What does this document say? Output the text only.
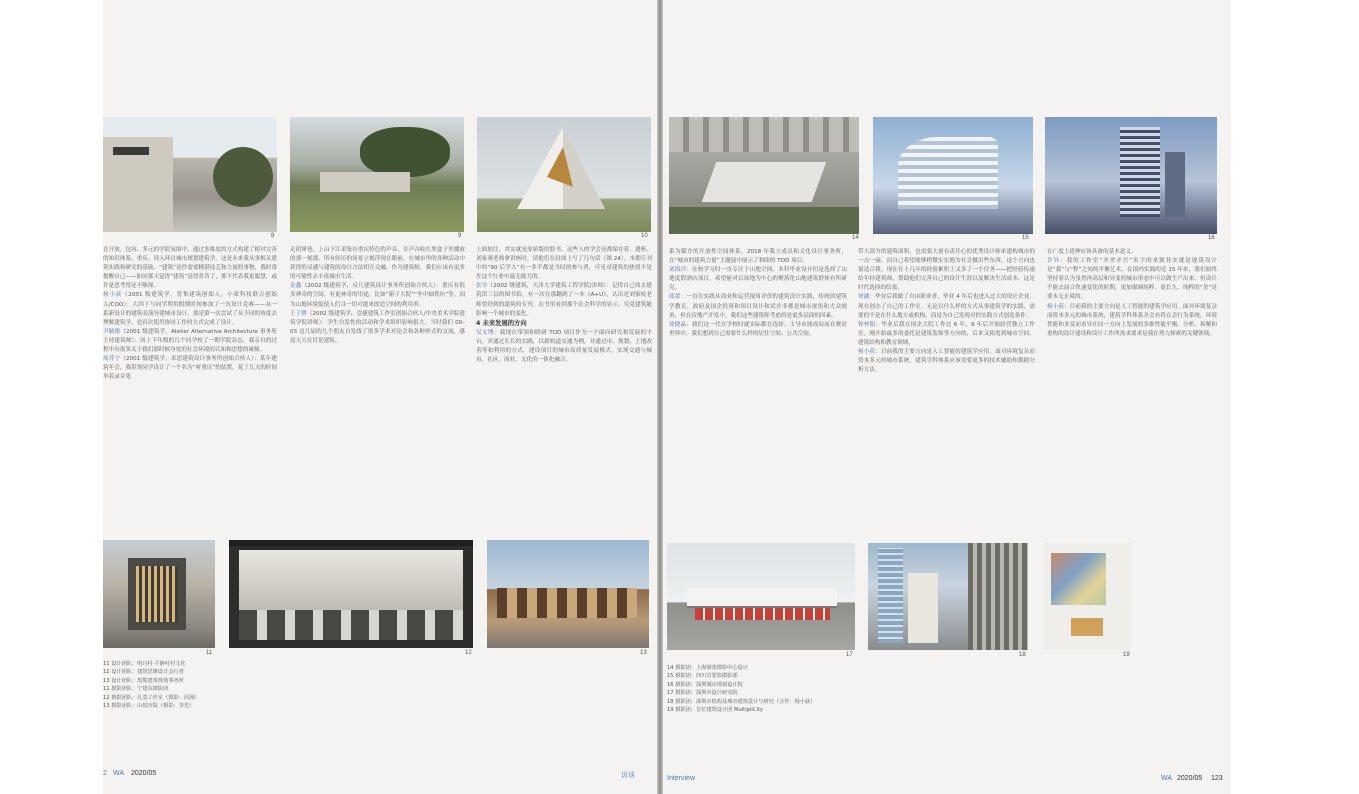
8	9	10
在开放、包容、多元的学院氛围中，通过多维度的方式构建了相对完善的知识体系，重庆、设入环目城市规划建筑学。这是未来我从事相关建筑实践和研究的基础。“建筑”是件需要精湛技艺和力量的事物，我时常提醒自己——如同那天觉得“建筑”觉得普昔了，那不代表我更聪慧，或许是思考得还不够深。
杨小荻（2001 级建筑学，普集建筑创始人，小席科技联合创始人/COO）：大四下与同学利用假期时间参加了一次设计竞赛——从一系新设计的建筑表演导建城市设计。那是第一次尝试了从不同的角度去理解建筑学，也首次使用协同工作的方式完成了设计。
尹毓俊（2001 级建筑学，Atelier Alternative Architecture 事务所主持建筑师）：回上下年级的几个同学校了一期学院杂志，我亲自的过程中有很多关于我们那时候身处的社会环境的认知和思想的碰撞。
周苏宁（2001 级建筑学，米思建筑设计事务所创始合伙人）：某年建筑年会，我带领同学设计了一个名为“听重庆”的装置，花了几天的时间举着录音笔
走街窜巷，上山下江采集有重庆特色的声音，在声音收在黑盒子里播放的那一刻那，所有经历的场景立刻浮现在眼前。在城市里的各种活动中获得的灵感与建筑的设计方法相互交融，作为建筑师，我们应该有更多的可能性去丰富城市生活。
金鑫（2002 级建筑学，反几建筑设计事务所创始合伙人）：重庆有很多神奇的空间，有更神奇的用途，比如“箱子大院”“坐中轴铁坊”等。因为山地环境促使人们寻一切可能来改造空间的利用率。
王子耕（2002 级建筑学，壹捷建筑工作室创始合伙人/中央美术学院建筑学院讲师）：学生自发性的活动和学术组织影响很大。当时我们 00–03 这几届的几个朋友自发线了很多学术对论会和各种形式的交流，感觉天天在讨论建筑。
上面加注，其实就是原始版的脸书。这些人的学会还都保存着。透析、刘家观老师拿讲座时，请他们在封面上写了几句话（图 24）。本期专刊中的“90 后学人”有一多半都是当时的参与者，可见对建筑的热情不是在这个行业中最无能力的。
张早（2002 级建筑，天津大学建筑工程学院/讲师）：记得自己周去建筑馆三层的图书馆，有一次在那翻到了一本《A+U》，认出是刘家杭老师曾经到的建筑的专刊。在书里看到那个社会科学的显示，究竟建筑能影响一个城市的变化。
4 未来发展的方向
吴文博：我现在带领和睦研 TOD 项目作为一个面向研究和发展的平台，并通过长长的实践，以新轨道交通为例，并通过市、规划、土地改善等和利用的方式，建设项目的城市高质量发展模式，实现交通与城市、社区、商业、文化的一体化融合。
11	12	13
11 设计团队：明月村·平静村村文化
12 设计团队：建筑思维设计会行者
13 设计团队：黑熊建筑规划事务所
11 摄影团队：宁建东摄影团
12 摄影团队：孔莫工作室（摄影：闪洲）
13 摄影团队：山悦历院（摄影：李光）
2 WA 2020/05	访谈
14	15	16
系为媒介的开放性空间体系。2018 年我立成员和文化设计事务所，在“城市的建筑力量”主题展中展示了和睦的 TOD 项目。
刘海洋：在校学习时一直专注于山地空间，本科毕业设计但是选择了山地度假酒店项目，希望能对以场地为中心的聚落化山地建筑群体有所研究。
邱蕾：一直在实践从商业和运营视角评价的建筑设计实践，传统的建筑学教育，政府及国企投资和项目设计和试并非都是城市视角和大众视角，但在房地产开发中，我们这些建筑师考虑的是更多层面的因素。
徐晓晶：我们这一代在学校时就实际都在选择；主导市域成局而在聚居世界中，我们想到自己需要什么样的居住空间、公共空间。
带大部分的建筑面积，也需要大量有责任心的优秀设计师来建构城市的一点一滴，而自己希望能够稍微实实地为社会做出些东西，这个方向也很适合我。现在在十几年的经验累积上又多了一个任务——把经验传递给年轻建筑师，帮助他们完善自己的设计生涯以及解决生活成本，这是时代选择的结果。
徐涵：毕业后我做了自由职业者，毕业 4 年后也进入过大的设计企业，现在创办了自己的工作室。无论以什么样的方式从事建筑学的实践，需要的不是在什么地方或机构，而是为自己发现对的实践方式创造条件。
钟梓阳：毕业后我在国企大院工作过 6 年，6 年后开始经营独立工作室，刚开始最多的委托是建筑装饰等方向的，后来又拓宽到城市空间、建筑结构和教育领域。
杨小荻：目前我的主要方向是人工智能的建筑学应用。面对环境复杂而资本多元的城市系统，建筑学科体系应该需要更多的技术辅助和数据分析方法。
在广度上延伸应该具备的基本意义。
许异：我的工作室“齐舍矛宫”名字的来源其实就是建筑设计是“我”与“程”之间的平衡艺术，在国内实践的近 15 年来，我们始终坚持着认为虽然再高层和异变的城市形态中可以做生产出来，但设计不能去屈合快速变化的时期，更加强调纯粹、更长久、纯粹的“美”是要永无止境的。
杨小荻：目前我的主要方向是人工智能的建筑学应用。面对环境复杂而资本多元的城市系统，建筑学科体系并会有将在会行为系统，环境性能和多变而求导在同一方向上发展的多维性能平衡。分析、拆解和重构的设计建设和设计工作所需求要求是我在努力探索的关键领域。
17	18	19
14 摄影团：上海梁蕾摄影中心设计
15 摄影团：四川首要影摄影部
16 摄影团：深圳城市规划设计院
17 摄影团：深圳市设计研究院
18 摄影团：深圳市机构及城市建筑设计与研究（合作：杨小荻）
19 摄影团：首位建筑设计团 MultipliCity
Interview	WA 2020/05 123
